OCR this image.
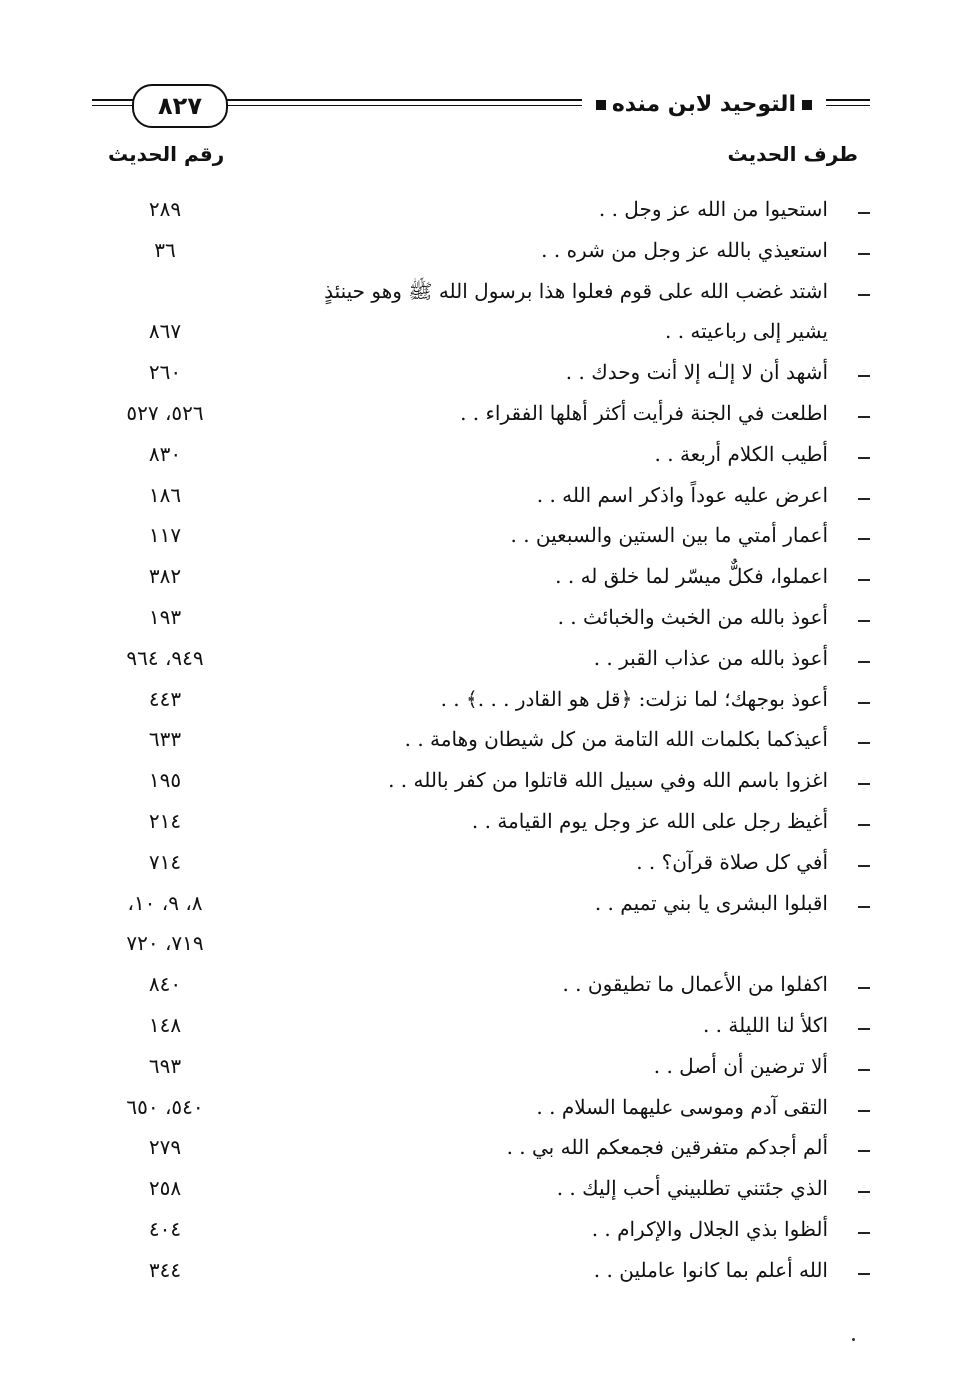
٨٢٧	التوحيد لابن منده
طرف الحديث
رقم الحديث
استحيوا من الله عز وجل . .
٢٨٩
استعيذي بالله عز وجل من شره . .
٣٦
اشتد غضب الله على قوم فعلوا هذا برسول الله ﷺ وهو حينئذٍ
يشير إلى رباعيته . .
٨٦٧
أشهد أن لا إلـٰه إلا أنت وحدك . .
٢٦٠
اطلعت في الجنة فرأيت أكثر أهلها الفقراء . .
٥٢٦، ٥٢٧
أطيب الكلام أربعة . .
٨٣٠
اعرض عليه عوداً واذكر اسم الله . .
١٨٦
أعمار أمتي ما بين الستين والسبعين . .
١١٧
اعملوا، فكلٌّ ميسّر لما خلق له . .
٣٨٢
أعوذ بالله من الخبث والخبائث . .
١٩٣
أعوذ بالله من عذاب القبر . .
٩٤٩، ٩٦٤
أعوذ بوجهك؛ لما نزلت: ﴿قل هو القادر . . .﴾ . .
٤٤٣
أعيذكما بكلمات الله التامة من كل شيطان وهامة . .
٦٣٣
اغزوا باسم الله وفي سبيل الله قاتلوا من كفر بالله . .
١٩٥
أغيظ رجل على الله عز وجل يوم القيامة . .
٢١٤
أفي كل صلاة قرآن؟ . .
٧١٤
اقبلوا البشرى يا بني تميم . .
٨، ٩، ١٠،
٧١٩، ٧٢٠
اكفلوا من الأعمال ما تطيقون . .
٨٤٠
اكلأ لنا الليلة . .
١٤٨
ألا ترضين أن أصل . .
٦٩٣
التقى آدم وموسى عليهما السلام . .
٥٤٠، ٦٥٠
ألم أجدكم متفرقين فجمعكم الله بي . .
٢٧٩
الذي جئتني تطلبيني أحب إليك . .
٢٥٨
ألظوا بذي الجلال والإكرام . .
٤٠٤
الله أعلم بما كانوا عاملين . .
٣٤٤
